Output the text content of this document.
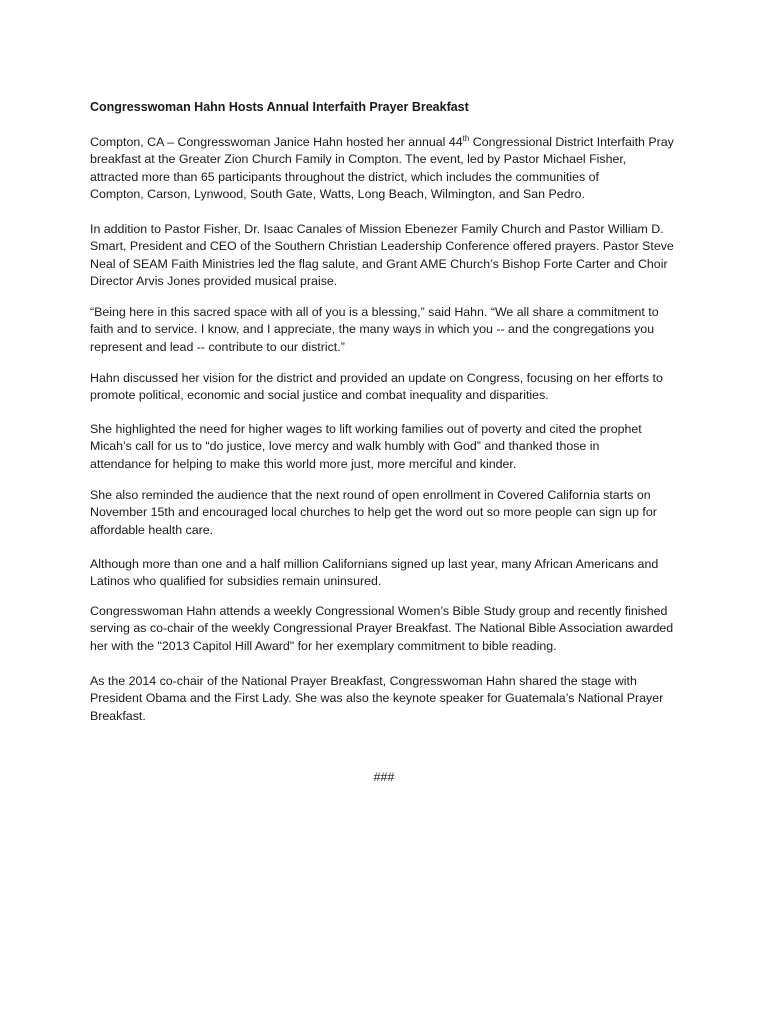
Congresswoman Hahn Hosts Annual Interfaith Prayer Breakfast

Compton, CA – Congresswoman Janice Hahn hosted her annual 44th Congressional District Interfaith Pray
breakfast at the Greater Zion Church Family in Compton. The event, led by Pastor Michael Fisher,
attracted more than 65 participants throughout the district, which includes the communities of
Compton, Carson, Lynwood, South Gate, Watts, Long Beach, Wilmington, and San Pedro.

In addition to Pastor Fisher, Dr. Isaac Canales of Mission Ebenezer Family Church and Pastor William D.
Smart, President and CEO of the Southern Christian Leadership Conference offered prayers. Pastor Steve
Neal of SEAM Faith Ministries led the flag salute, and Grant AME Church’s Bishop Forte Carter and Choir
Director Arvis Jones provided musical praise.

“Being here in this sacred space with all of you is a blessing,” said Hahn. “We all share a commitment to
faith and to service. I know, and I appreciate, the many ways in which you -- and the congregations you
represent and lead -- contribute to our district.”

Hahn discussed her vision for the district and provided an update on Congress, focusing on her efforts to
promote political, economic and social justice and combat inequality and disparities.

She highlighted the need for higher wages to lift working families out of poverty and cited the prophet
Micah’s call for us to “do justice, love mercy and walk humbly with God” and thanked those in
attendance for helping to make this world more just, more merciful and kinder.

She also reminded the audience that the next round of open enrollment in Covered California starts on
November 15th and encouraged local churches to help get the word out so more people can sign up for
affordable health care.

Although more than one and a half million Californians signed up last year, many African Americans and
Latinos who qualified for subsidies remain uninsured.

Congresswoman Hahn attends a weekly Congressional Women’s Bible Study group and recently finished
serving as co-chair of the weekly Congressional Prayer Breakfast. The National Bible Association awarded
her with the "2013 Capitol Hill Award" for her exemplary commitment to bible reading.

As the 2014 co-chair of the National Prayer Breakfast, Congresswoman Hahn shared the stage with
President Obama and the First Lady. She was also the keynote speaker for Guatemala’s National Prayer
Breakfast.

###
